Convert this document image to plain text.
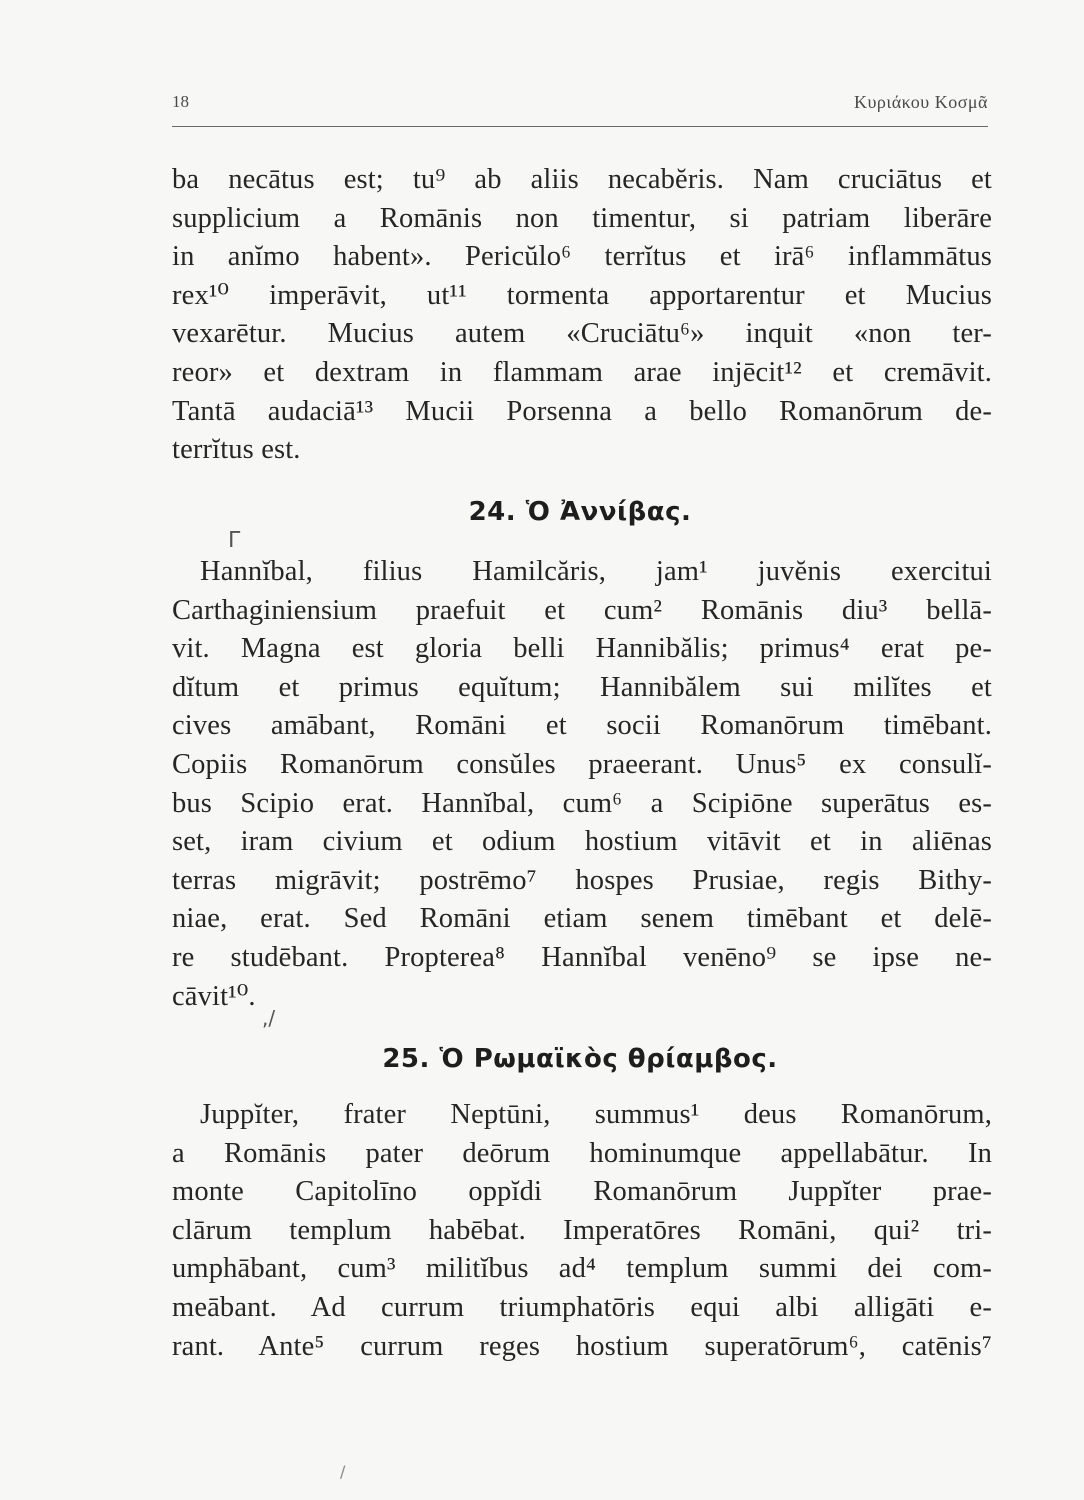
18	Κυριάκου Κοσμᾶ
ba necātus est; tu⁹ ab aliis necabĕris. Nam cruciātus et
supplicium a Romānis non timentur, si patriam liberāre
in anĭmo habent». Pericŭlo⁶ terrĭtus et irā⁶ inflammātus
rex¹⁰ imperāvit, ut¹¹ tormenta apportarentur et Mucius
vexarētur. Mucius autem «Cruciātu⁶» inquit «non ter-
reor» et dextram in flammam arae injēcit¹² et cremāvit.
Tantā audaciā¹³ Mucii Porsenna a bello Romanōrum de-
terrĭtus est.
24. Ὁ Ἀννίβας.
ᒥ
Hannĭbal, filius Hamilcăris, jam¹ juvĕnis exercitui
Carthaginiensium praefuit et cum² Romānis diu³ bellā-
vit. Magna est gloria belli Hannibălis; primus⁴ erat pe-
dĭtum et primus equĭtum; Hannibălem sui milĭtes et
cives amābant, Romāni et socii Romanōrum timēbant.
Copiis Romanōrum consŭles praeerant. Unus⁵ ex consulĭ-
bus Scipio erat. Hannĭbal, cum⁶ a Scipiōne superātus es-
set, iram civium et odium hostium vitāvit et in aliēnas
terras migrāvit; postrēmo⁷ hospes Prusiae, regis Bithy-
niae, erat. Sed Romāni etiam senem timēbant et delē-
re studēbant. Propterea⁸ Hannĭbal venēno⁹ se ipse ne-
cāvit¹⁰.
,/
25. Ὁ Ρωμαϊκὸς θρίαμβος.
Juppĭter, frater Neptūni, summus¹ deus Romanōrum,
a Romānis pater deōrum hominumque appellabātur. In
monte Capitolīno oppĭdi Romanōrum Juppĭter prae-
clārum templum habēbat. Imperatōres Romāni, qui² tri-
umphābant, cum³ militĭbus ad⁴ templum summi dei com-
meābant. Ad currum triumphatōris equi albi alligāti e-
rant. Ante⁵ currum reges hostium superatōrum⁶, catēnis⁷
/
